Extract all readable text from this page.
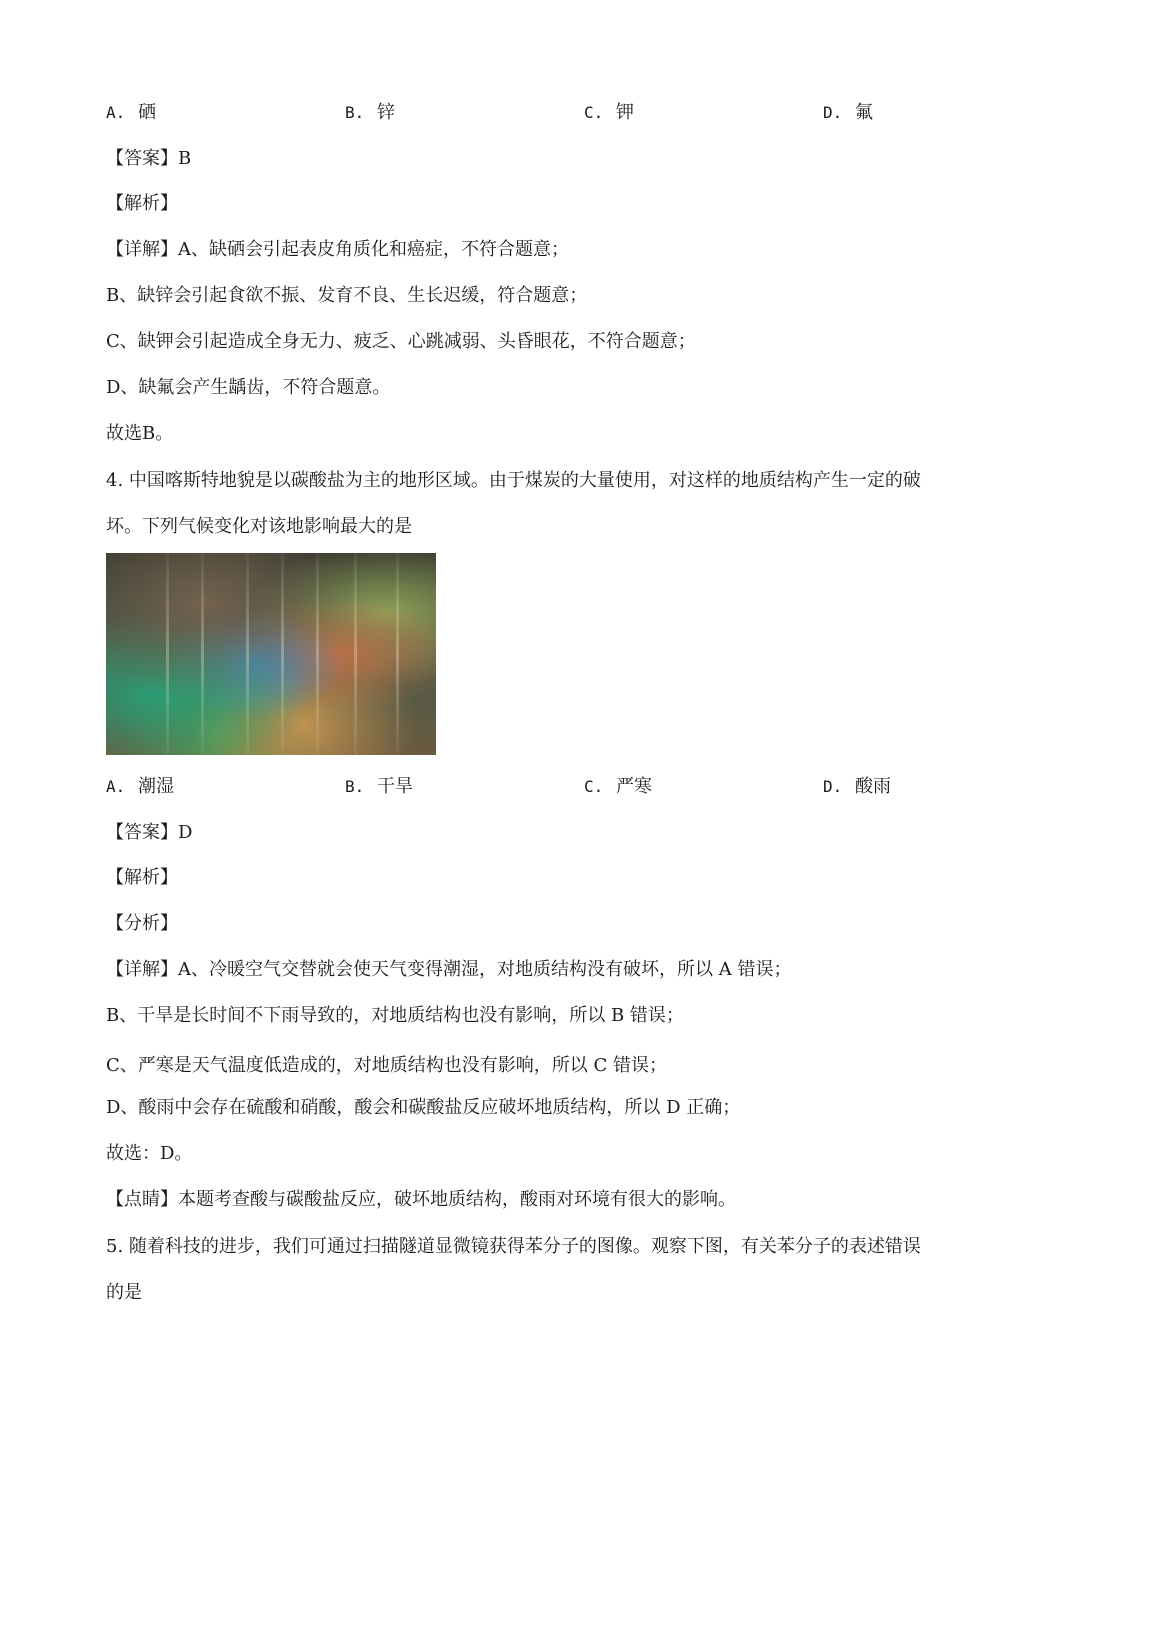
A. 硒	B. 锌	C. 钾	D. 氟
【答案】B
【解析】
【详解】A、缺硒会引起表皮角质化和癌症，不符合题意；
B、缺锌会引起食欲不振、发育不良、生长迟缓，符合题意；
C、缺钾会引起造成全身无力、疲乏、心跳减弱、头昏眼花，不符合题意；
D、缺氟会产生龋齿，不符合题意。
故选B。
4. 中国喀斯特地貌是以碳酸盐为主的地形区域。由于煤炭的大量使用，对这样的地质结构产生一定的破
坏。下列气候变化对该地影响最大的是
A. 潮湿	B. 干旱	C. 严寒	D. 酸雨
【答案】D
【解析】
【分析】
【详解】A、冷暖空气交替就会使天气变得潮湿，对地质结构没有破坏，所以 A 错误；
B、干旱是长时间不下雨导致的，对地质结构也没有影响，所以 B 错误；
C、严寒是天气温度低造成的，对地质结构也没有影响，所以 C 错误；
D、酸雨中会存在硫酸和硝酸，酸会和碳酸盐反应破坏地质结构，所以 D 正确；
故选：D。
【点睛】本题考查酸与碳酸盐反应，破坏地质结构，酸雨对环境有很大的影响。
5. 随着科技的进步，我们可通过扫描隧道显微镜获得苯分子的图像。观察下图，有关苯分子的表述错误
的是
